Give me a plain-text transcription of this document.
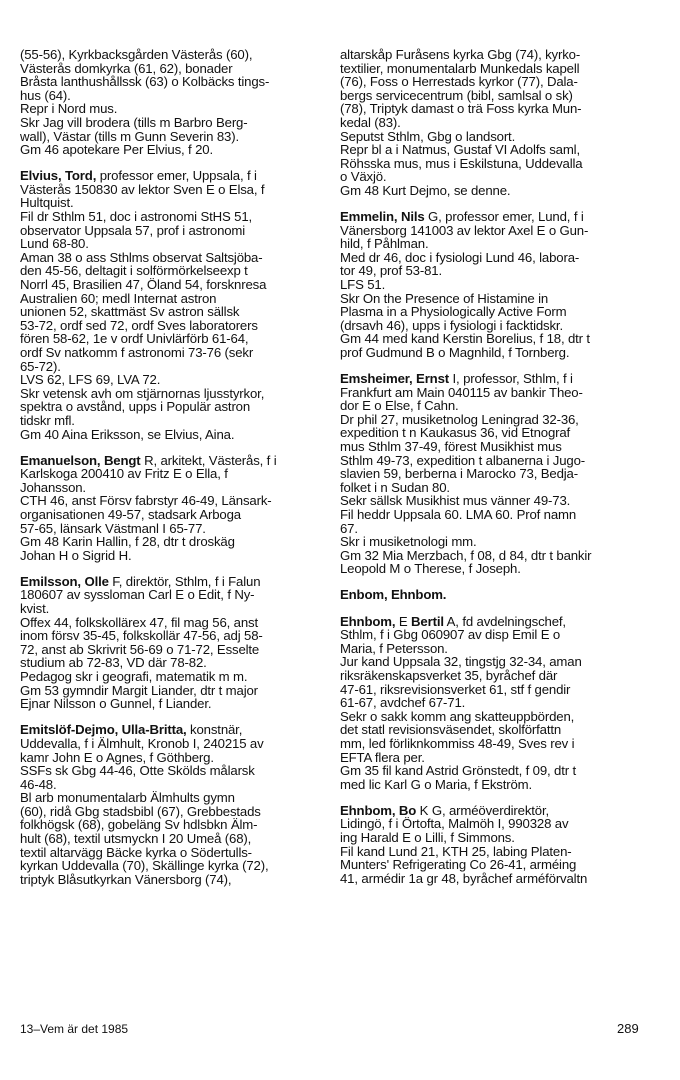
(55-56), Kyrkbacksgården Västerås (60),
Västerås domkyrka (61, 62), bonader
Bråsta lanthushållssk (63) o Kolbäcks tings-
hus (64).
Repr i Nord mus.
Skr Jag vill brodera (tills m Barbro Berg-
wall), Västar (tills m Gunn Severin 83).
Gm 46 apotekare Per Elvius, f 20.
Elvius, Tord, professor emer, Uppsala, f i
Västerås 150830 av lektor Sven E o Elsa, f
Hultquist.
Fil dr Sthlm 51, doc i astronomi StHS 51,
observator Uppsala 57, prof i astronomi
Lund 68-80.
Aman 38 o ass Sthlms observat Saltsjöba-
den 45-56, deltagit i solförmörkelseexp t
Norrl 45, Brasilien 47, Öland 54, forsknresa
Australien 60; medl Internat astron
unionen 52, skattmäst Sv astron sällsk
53-72, ordf sed 72, ordf Sves laboratorers
fören 58-62, 1e v ordf Univlärförb 61-64,
ordf Sv natkomm f astronomi 73-76 (sekr
65-72).
LVS 62, LFS 69, LVA 72.
Skr vetensk avh om stjärnornas ljusstyrkor,
spektra o avstånd, upps i Populär astron
tidskr mfl.
Gm 40 Aina Eriksson, se Elvius, Aina.
Emanuelson, Bengt R, arkitekt, Västerås, f i
Karlskoga 200410 av Fritz E o Ella, f
Johansson.
CTH 46, anst Försv fabrstyr 46-49, Länsark-
organisationen 49-57, stadsark Arboga
57-65, länsark Västmanl I 65-77.
Gm 48 Karin Hallin, f 28, dtr t droskäg
Johan H o Sigrid H.
Emilsson, Olle F, direktör, Sthlm, f i Falun
180607 av syssloman Carl E o Edit, f Ny-
kvist.
Offex 44, folkskollärex 47, fil mag 56, anst
inom försv 35-45, folkskollär 47-56, adj 58-
72, anst ab Skrivrit 56-69 o 71-72, Esselte
studium ab 72-83, VD där 78-82.
Pedagog skr i geografi, matematik m m.
Gm 53 gymndir Margit Liander, dtr t major
Ejnar Nilsson o Gunnel, f Liander.
Emitslöf-Dejmo, Ulla-Britta, konstnär,
Uddevalla, f i Älmhult, Kronob I, 240215 av
kamr John E o Agnes, f Göthberg.
SSFs sk Gbg 44-46, Otte Skölds målarsk
46-48.
Bl arb monumentalarb Älmhults gymn
(60), ridå Gbg stadsbibl (67), Grebbestads
folkhögsk (68), gobeläng Sv hdlsbkn Älm-
hult (68), textil utsmyckn I 20 Umeå (68),
textil altarvägg Bäcke kyrka o Södertulls-
kyrkan Uddevalla (70), Skällinge kyrka (72),
triptyk Blåsutkyrkan Vänersborg (74),
altarskåp Furåsens kyrka Gbg (74), kyrko-
textilier, monumentalarb Munkedals kapell
(76), Foss o Herrestads kyrkor (77), Dala-
bergs servicecentrum (bibl, samlsal o sk)
(78), Triptyk damast o trä Foss kyrka Mun-
kedal (83).
Seputst Sthlm, Gbg o landsort.
Repr bl a i Natmus, Gustaf VI Adolfs saml,
Röhsska mus, mus i Eskilstuna, Uddevalla
o Växjö.
Gm 48 Kurt Dejmo, se denne.
Emmelin, Nils G, professor emer, Lund, f i
Vänersborg 141003 av lektor Axel E o Gun-
hild, f Påhlman.
Med dr 46, doc i fysiologi Lund 46, labora-
tor 49, prof 53-81.
LFS 51.
Skr On the Presence of Histamine in
Plasma in a Physiologically Active Form
(drsavh 46), upps i fysiologi i facktidskr.
Gm 44 med kand Kerstin Borelius, f 18, dtr t
prof Gudmund B o Magnhild, f Tornberg.
Emsheimer, Ernst I, professor, Sthlm, f i
Frankfurt am Main 040115 av bankir Theo-
dor E o Else, f Cahn.
Dr phil 27, musiketnolog Leningrad 32-36,
expedition t n Kaukasus 36, vid Etnograf
mus Sthlm 37-49, förest Musikhist mus
Sthlm 49-73, expedition t albanerna i Jugo-
slavien 59, berberna i Marocko 73, Bedja-
folket i n Sudan 80.
Sekr sällsk Musikhist mus vänner 49-73.
Fil heddr Uppsala 60. LMA 60. Prof namn
67.
Skr i musiketnologi mm.
Gm 32 Mia Merzbach, f 08, d 84, dtr t bankir
Leopold M o Therese, f Joseph.
Enbom, Ehnbom.
Ehnbom, E Bertil A, fd avdelningschef,
Sthlm, f i Gbg 060907 av disp Emil E o
Maria, f Petersson.
Jur kand Uppsala 32, tingstjg 32-34, aman
riksräkenskapsverket 35, byråchef där
47-61, riksrevisionsverket 61, stf f gendir
61-67, avdchef 67-71.
Sekr o sakk komm ang skatteuppbörden,
det statl revisionsväsendet, skolförfattn
mm, led förliknkommiss 48-49, Sves rev i
EFTA flera per.
Gm 35 fil kand Astrid Grönstedt, f 09, dtr t
med lic Karl G o Maria, f Ekström.
Ehnbom, Bo K G, arméöverdirektör,
Lidingö, f i Örtofta, Malmöh I, 990328 av
ing Harald E o Lilli, f Simmons.
Fil kand Lund 21, KTH 25, labing Platen-
Munters' Refrigerating Co 26-41, arméing
41, armédir 1a gr 48, byråchef arméförvaltn
13–Vem är det 1985	289
